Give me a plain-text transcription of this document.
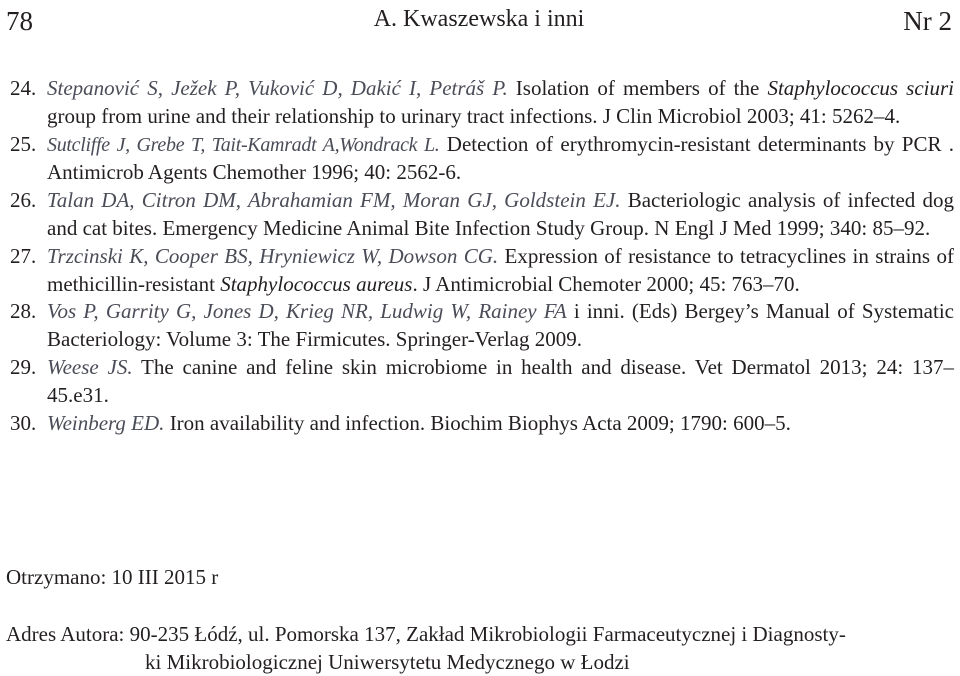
78	A. Kwaszewska i inni	Nr 2

24. Stepanović S, Ježek P, Vuković D, Dakić I, Petráš P. Isolation of members of the Staphylococcus sciuri group from urine and their relationship to urinary tract infections. J Clin Microbiol 2003; 41: 5262–4.

25. Sutcliffe J, Grebe T, Tait-Kamradt A,Wondrack L. Detection of erythromycin-resistant determinants by PCR . Antimicrob Agents Chemother 1996; 40: 2562-6.

26. Talan DA, Citron DM, Abrahamian FM, Moran GJ, Goldstein EJ. Bacteriologic analysis of infected dog and cat bites. Emergency Medicine Animal Bite Infection Study Group. N Engl J Med 1999; 340: 85–92.

27. Trzcinski K, Cooper BS, Hryniewicz W, Dowson CG. Expression of resistance to tetracyclines in strains of methicillin-resistant Staphylococcus aureus. J Antimicrobial Chemoter 2000; 45: 763–70.

28. Vos P, Garrity G, Jones D, Krieg NR, Ludwig W, Rainey FA i inni. (Eds) Bergey’s Manual of Systematic Bacteriology: Volume 3: The Firmicutes. Springer-Verlag 2009.

29. Weese JS. The canine and feline skin microbiome in health and disease. Vet Dermatol 2013; 24: 137–45.e31.

30. Weinberg ED. Iron availability and infection. Biochim Biophys Acta 2009; 1790: 600–5.

Otrzymano: 10 III 2015 r
Adres Autora: 90-235 Łódź, ul. Pomorska 137, Zakład Mikrobiologii Farmaceutycznej i Diagnosty-
ki Mikrobiologicznej Uniwersytetu Medycznego w Łodzi
